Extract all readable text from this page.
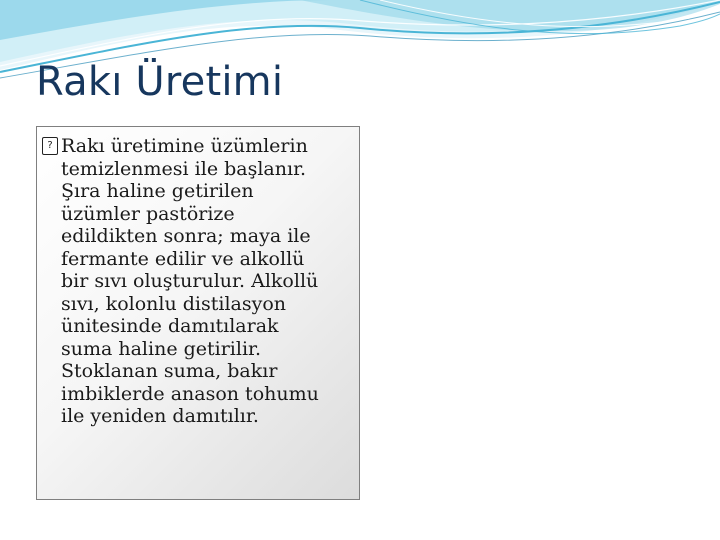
Rakı Üretimi
? Rakı üretimine üzümlerin
temizlenmesi ile başlanır.
Şıra haline getirilen
üzümler pastörize
edildikten sonra; maya ile
fermante edilir ve alkollü
bir sıvı oluşturulur. Alkollü
sıvı, kolonlu distilasyon
ünitesinde damıtılarak
suma haline getirilir.
Stoklanan suma, bakır
imbiklerde anason tohumu
ile yeniden damıtılır.
